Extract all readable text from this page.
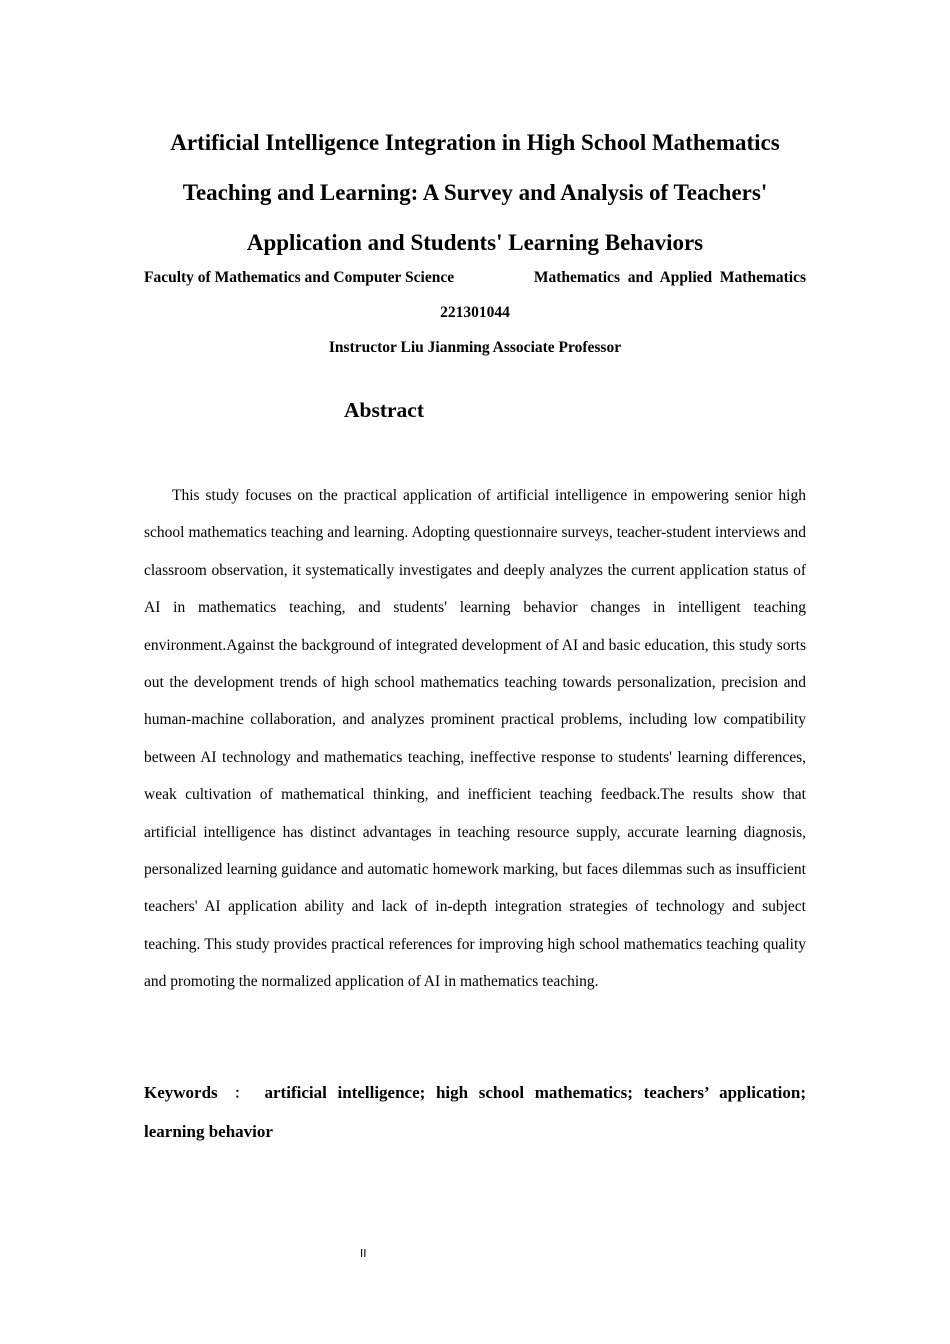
Artificial Intelligence Integration in High School Mathematics
Teaching and Learning: A Survey and Analysis of Teachers'
Application and Students' Learning Behaviors
Faculty of Mathematics and Computer Science	Mathematics  and  Applied  Mathematics
221301044
Instructor Liu Jianming Associate Professor
Abstract

This study focuses on the practical application of artificial intelligence in empowering senior high school mathematics teaching and learning. Adopting questionnaire surveys, teacher-student interviews and classroom observation, it systematically investigates and deeply analyzes the current application status of AI in mathematics teaching, and students' learning behavior changes in intelligent teaching environment.Against the background of integrated development of AI and basic education, this study sorts out the development trends of high school mathematics teaching towards personalization, precision and human-machine collaboration, and analyzes prominent practical problems, including low compatibility between AI technology and mathematics teaching, ineffective response to students' learning differences, weak cultivation of mathematical thinking, and inefficient teaching feedback.The results show that artificial intelligence has distinct advantages in teaching resource supply, accurate learning diagnosis, personalized learning guidance and automatic homework marking, but faces dilemmas such as insufficient teachers' AI application ability and lack of in-depth integration strategies of technology and subject teaching. This study provides practical references for improving high school mathematics teaching quality and promoting the normalized application of AI in mathematics teaching.

Keywords ： artificial intelligence; high school mathematics; teachers’ application; learning behavior

II
